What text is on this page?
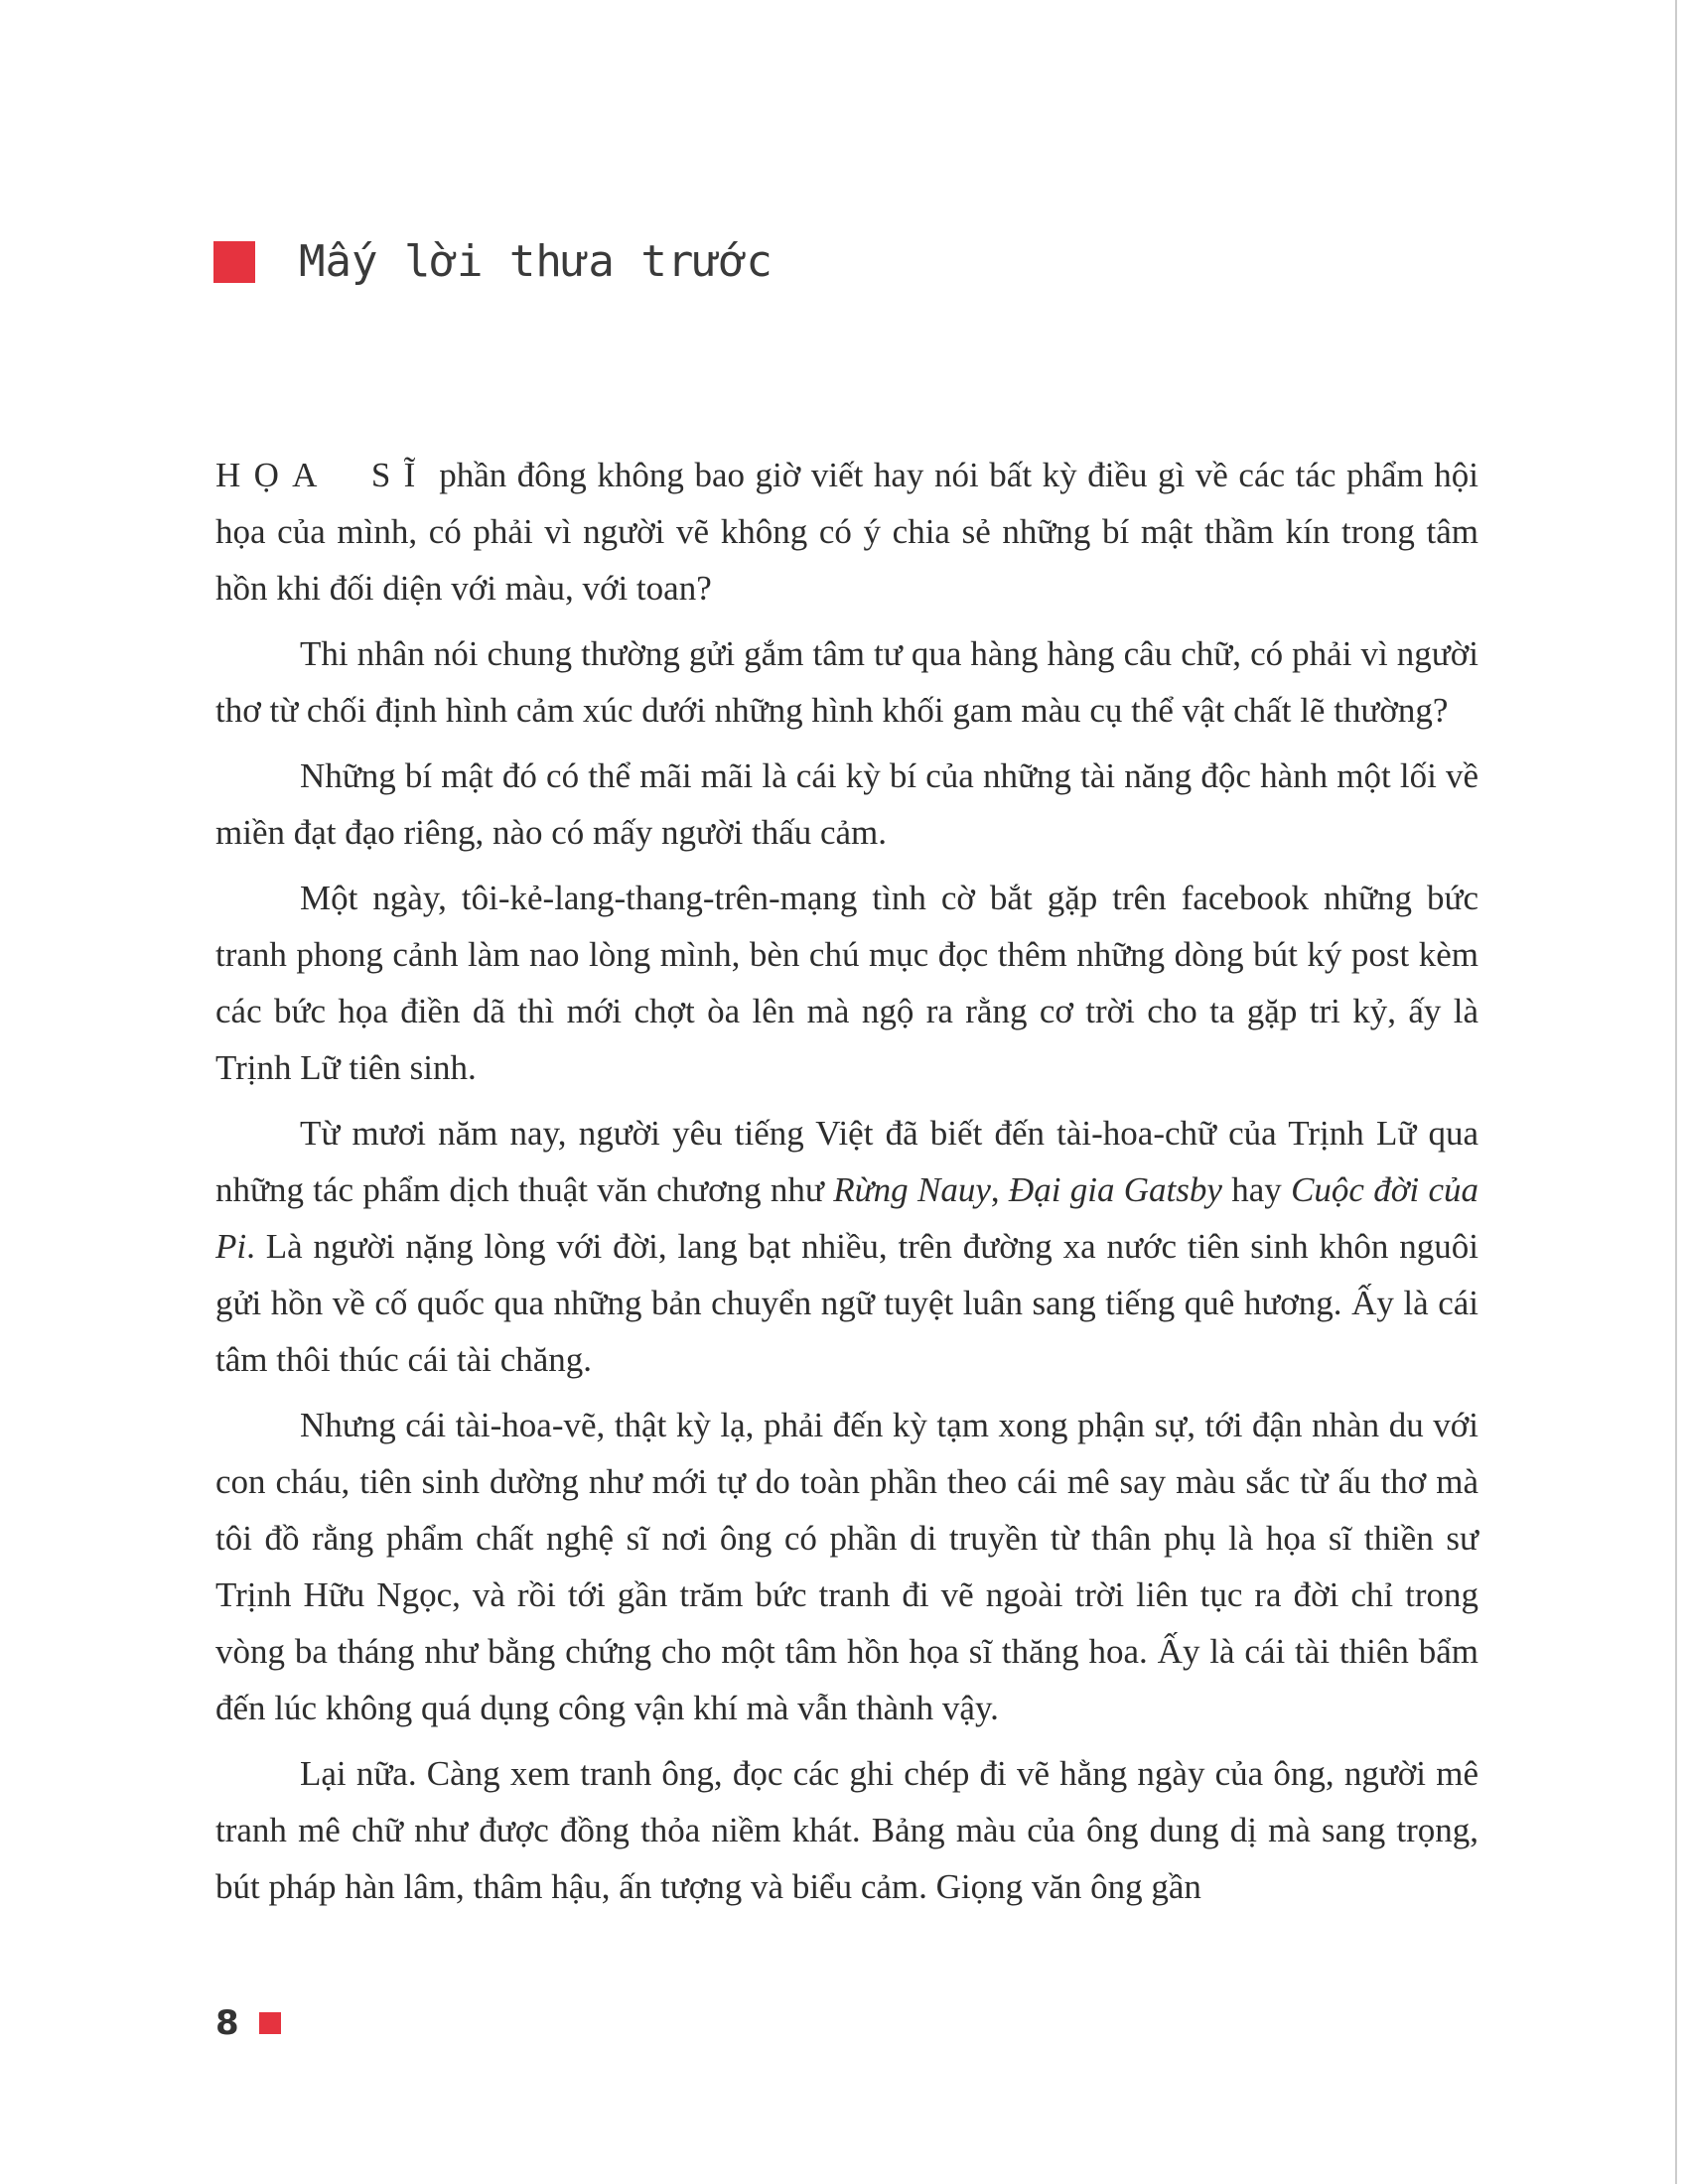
Mấy lời thưa trước

HỌA SĨ phần đông không bao giờ viết hay nói bất kỳ điều gì về các tác phẩm hội họa của mình, có phải vì người vẽ không có ý chia sẻ những bí mật thầm kín trong tâm hồn khi đối diện với màu, với toan?

Thi nhân nói chung thường gửi gắm tâm tư qua hàng hàng câu chữ, có phải vì người thơ từ chối định hình cảm xúc dưới những hình khối gam màu cụ thể vật chất lẽ thường?

Những bí mật đó có thể mãi mãi là cái kỳ bí của những tài năng độc hành một lối về miền đạt đạo riêng, nào có mấy người thấu cảm.

Một ngày, tôi-kẻ-lang-thang-trên-mạng tình cờ bắt gặp trên facebook những bức tranh phong cảnh làm nao lòng mình, bèn chú mục đọc thêm những dòng bút ký post kèm các bức họa điền dã thì mới chợt òa lên mà ngộ ra rằng cơ trời cho ta gặp tri kỷ, ấy là Trịnh Lữ tiên sinh.

Từ mươi năm nay, người yêu tiếng Việt đã biết đến tài-hoa-chữ của Trịnh Lữ qua những tác phẩm dịch thuật văn chương như Rừng Nauy, Đại gia Gatsby hay Cuộc đời của Pi. Là người nặng lòng với đời, lang bạt nhiều, trên đường xa nước tiên sinh khôn nguôi gửi hồn về cố quốc qua những bản chuyển ngữ tuyệt luân sang tiếng quê hương. Ấy là cái tâm thôi thúc cái tài chăng.

Nhưng cái tài-hoa-vẽ, thật kỳ lạ, phải đến kỳ tạm xong phận sự, tới đận nhàn du với con cháu, tiên sinh dường như mới tự do toàn phần theo cái mê say màu sắc từ ấu thơ mà tôi đồ rằng phẩm chất nghệ sĩ nơi ông có phần di truyền từ thân phụ là họa sĩ thiền sư Trịnh Hữu Ngọc, và rồi tới gần trăm bức tranh đi vẽ ngoài trời liên tục ra đời chỉ trong vòng ba tháng như bằng chứng cho một tâm hồn họa sĩ thăng hoa. Ấy là cái tài thiên bẩm đến lúc không quá dụng công vận khí mà vẫn thành vậy.

Lại nữa. Càng xem tranh ông, đọc các ghi chép đi vẽ hằng ngày của ông, người mê tranh mê chữ như được đồng thỏa niềm khát. Bảng màu của ông dung dị mà sang trọng, bút pháp hàn lâm, thâm hậu, ấn tượng và biểu cảm. Giọng văn ông gần

8
